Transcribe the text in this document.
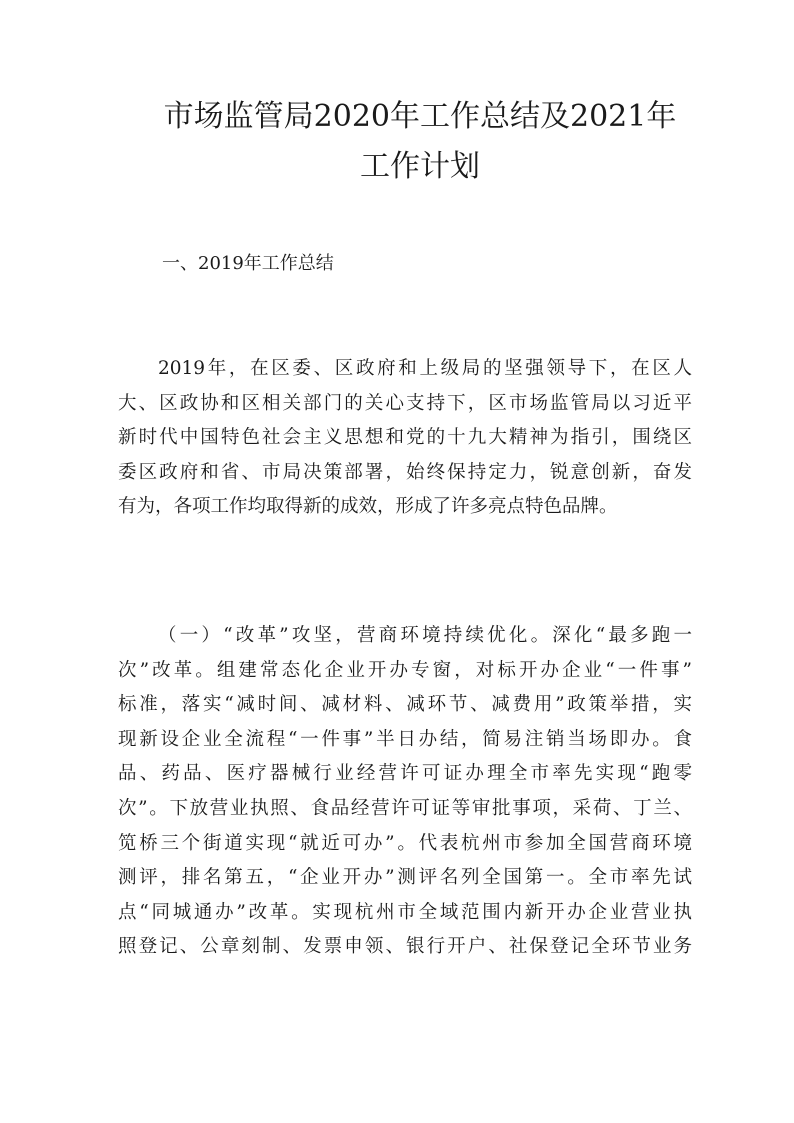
市场监管局2020年工作总结及2021年
工作计划
一、2019年工作总结

2019年，在区委、区政府和上级局的坚强领导下，在区人
大、区政协和区相关部门的关心支持下，区市场监管局以习近平
新时代中国特色社会主义思想和党的十九大精神为指引，围绕区
委区政府和省、市局决策部署，始终保持定力，锐意创新，奋发
有为，各项工作均取得新的成效，形成了许多亮点特色品牌。

（一）“改革”攻坚，营商环境持续优化。深化“最多跑一
次”改革。组建常态化企业开办专窗，对标开办企业“一件事”
标准，落实“减时间、减材料、减环节、减费用”政策举措，实
现新设企业全流程“一件事”半日办结，简易注销当场即办。食
品、药品、医疗器械行业经营许可证办理全市率先实现“跑零
次”。下放营业执照、食品经营许可证等审批事项，采荷、丁兰、
笕桥三个街道实现“就近可办”。代表杭州市参加全国营商环境
测评，排名第五，“企业开办”测评名列全国第一。全市率先试
点“同城通办”改革。实现杭州市全域范围内新开办企业营业执
照登记、公章刻制、发票申领、银行开户、社保登记全环节业务
